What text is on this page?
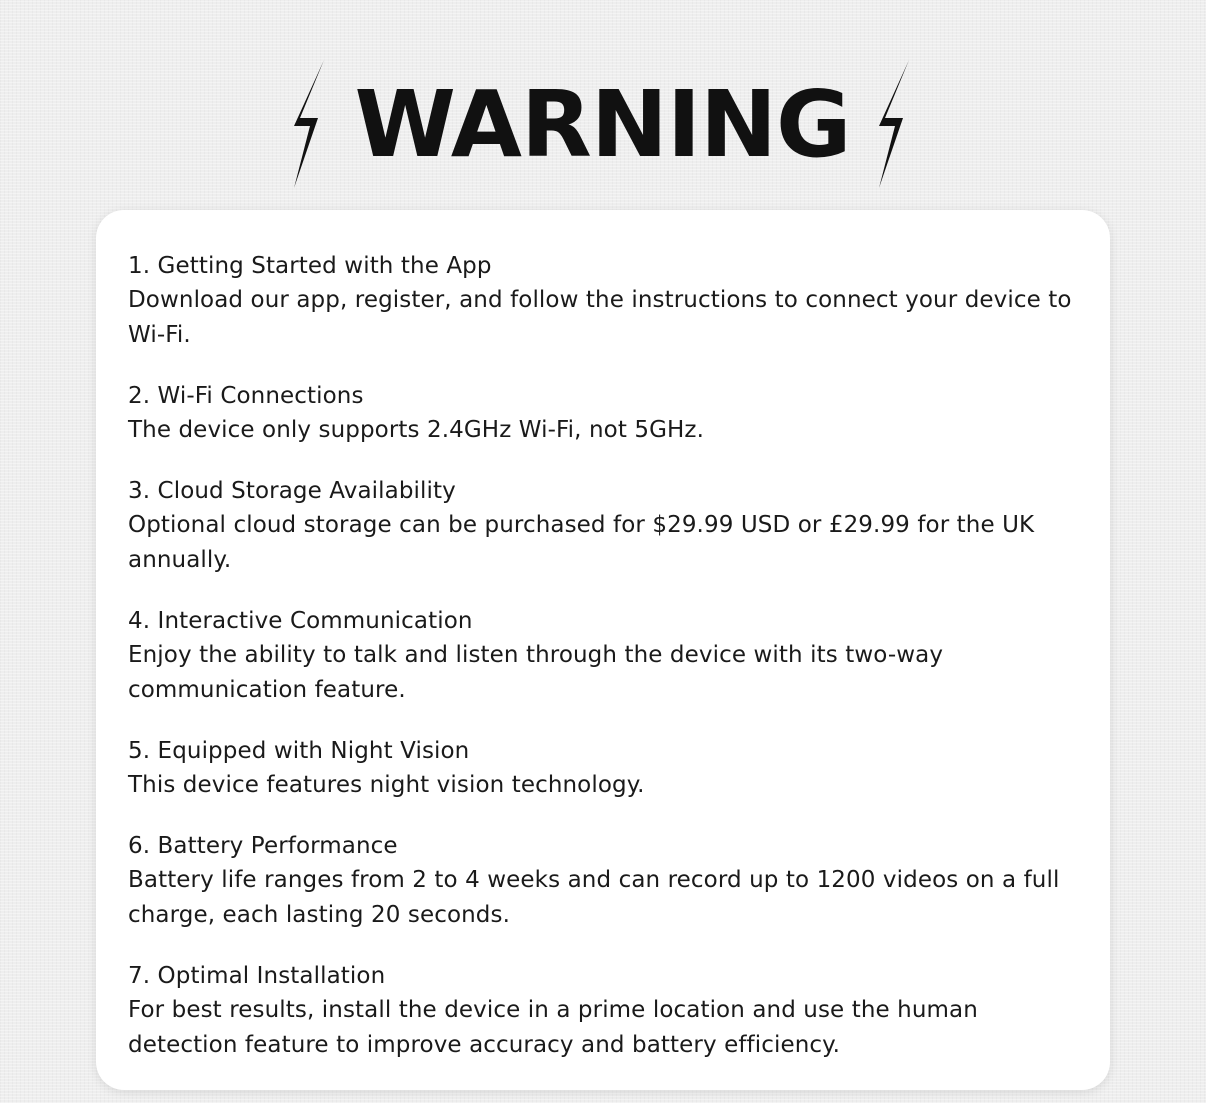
WARNING
1. Getting Started with the App
Download our app, register, and follow the instructions to connect your device to Wi-Fi.
2. Wi-Fi Connections
The device only supports 2.4GHz Wi-Fi, not 5GHz.
3. Cloud Storage Availability
Optional cloud storage can be purchased for $29.99 USD or £29.99 for the UK annually.
4. Interactive Communication
Enjoy the ability to talk and listen through the device with its two-way communication feature.
5. Equipped with Night Vision
This device features night vision technology.
6. Battery Performance
Battery life ranges from 2 to 4 weeks and can record up to 1200 videos on a full charge, each lasting 20 seconds.
7. Optimal Installation
For best results, install the device in a prime location and use the human detection feature to improve accuracy and battery efficiency.
